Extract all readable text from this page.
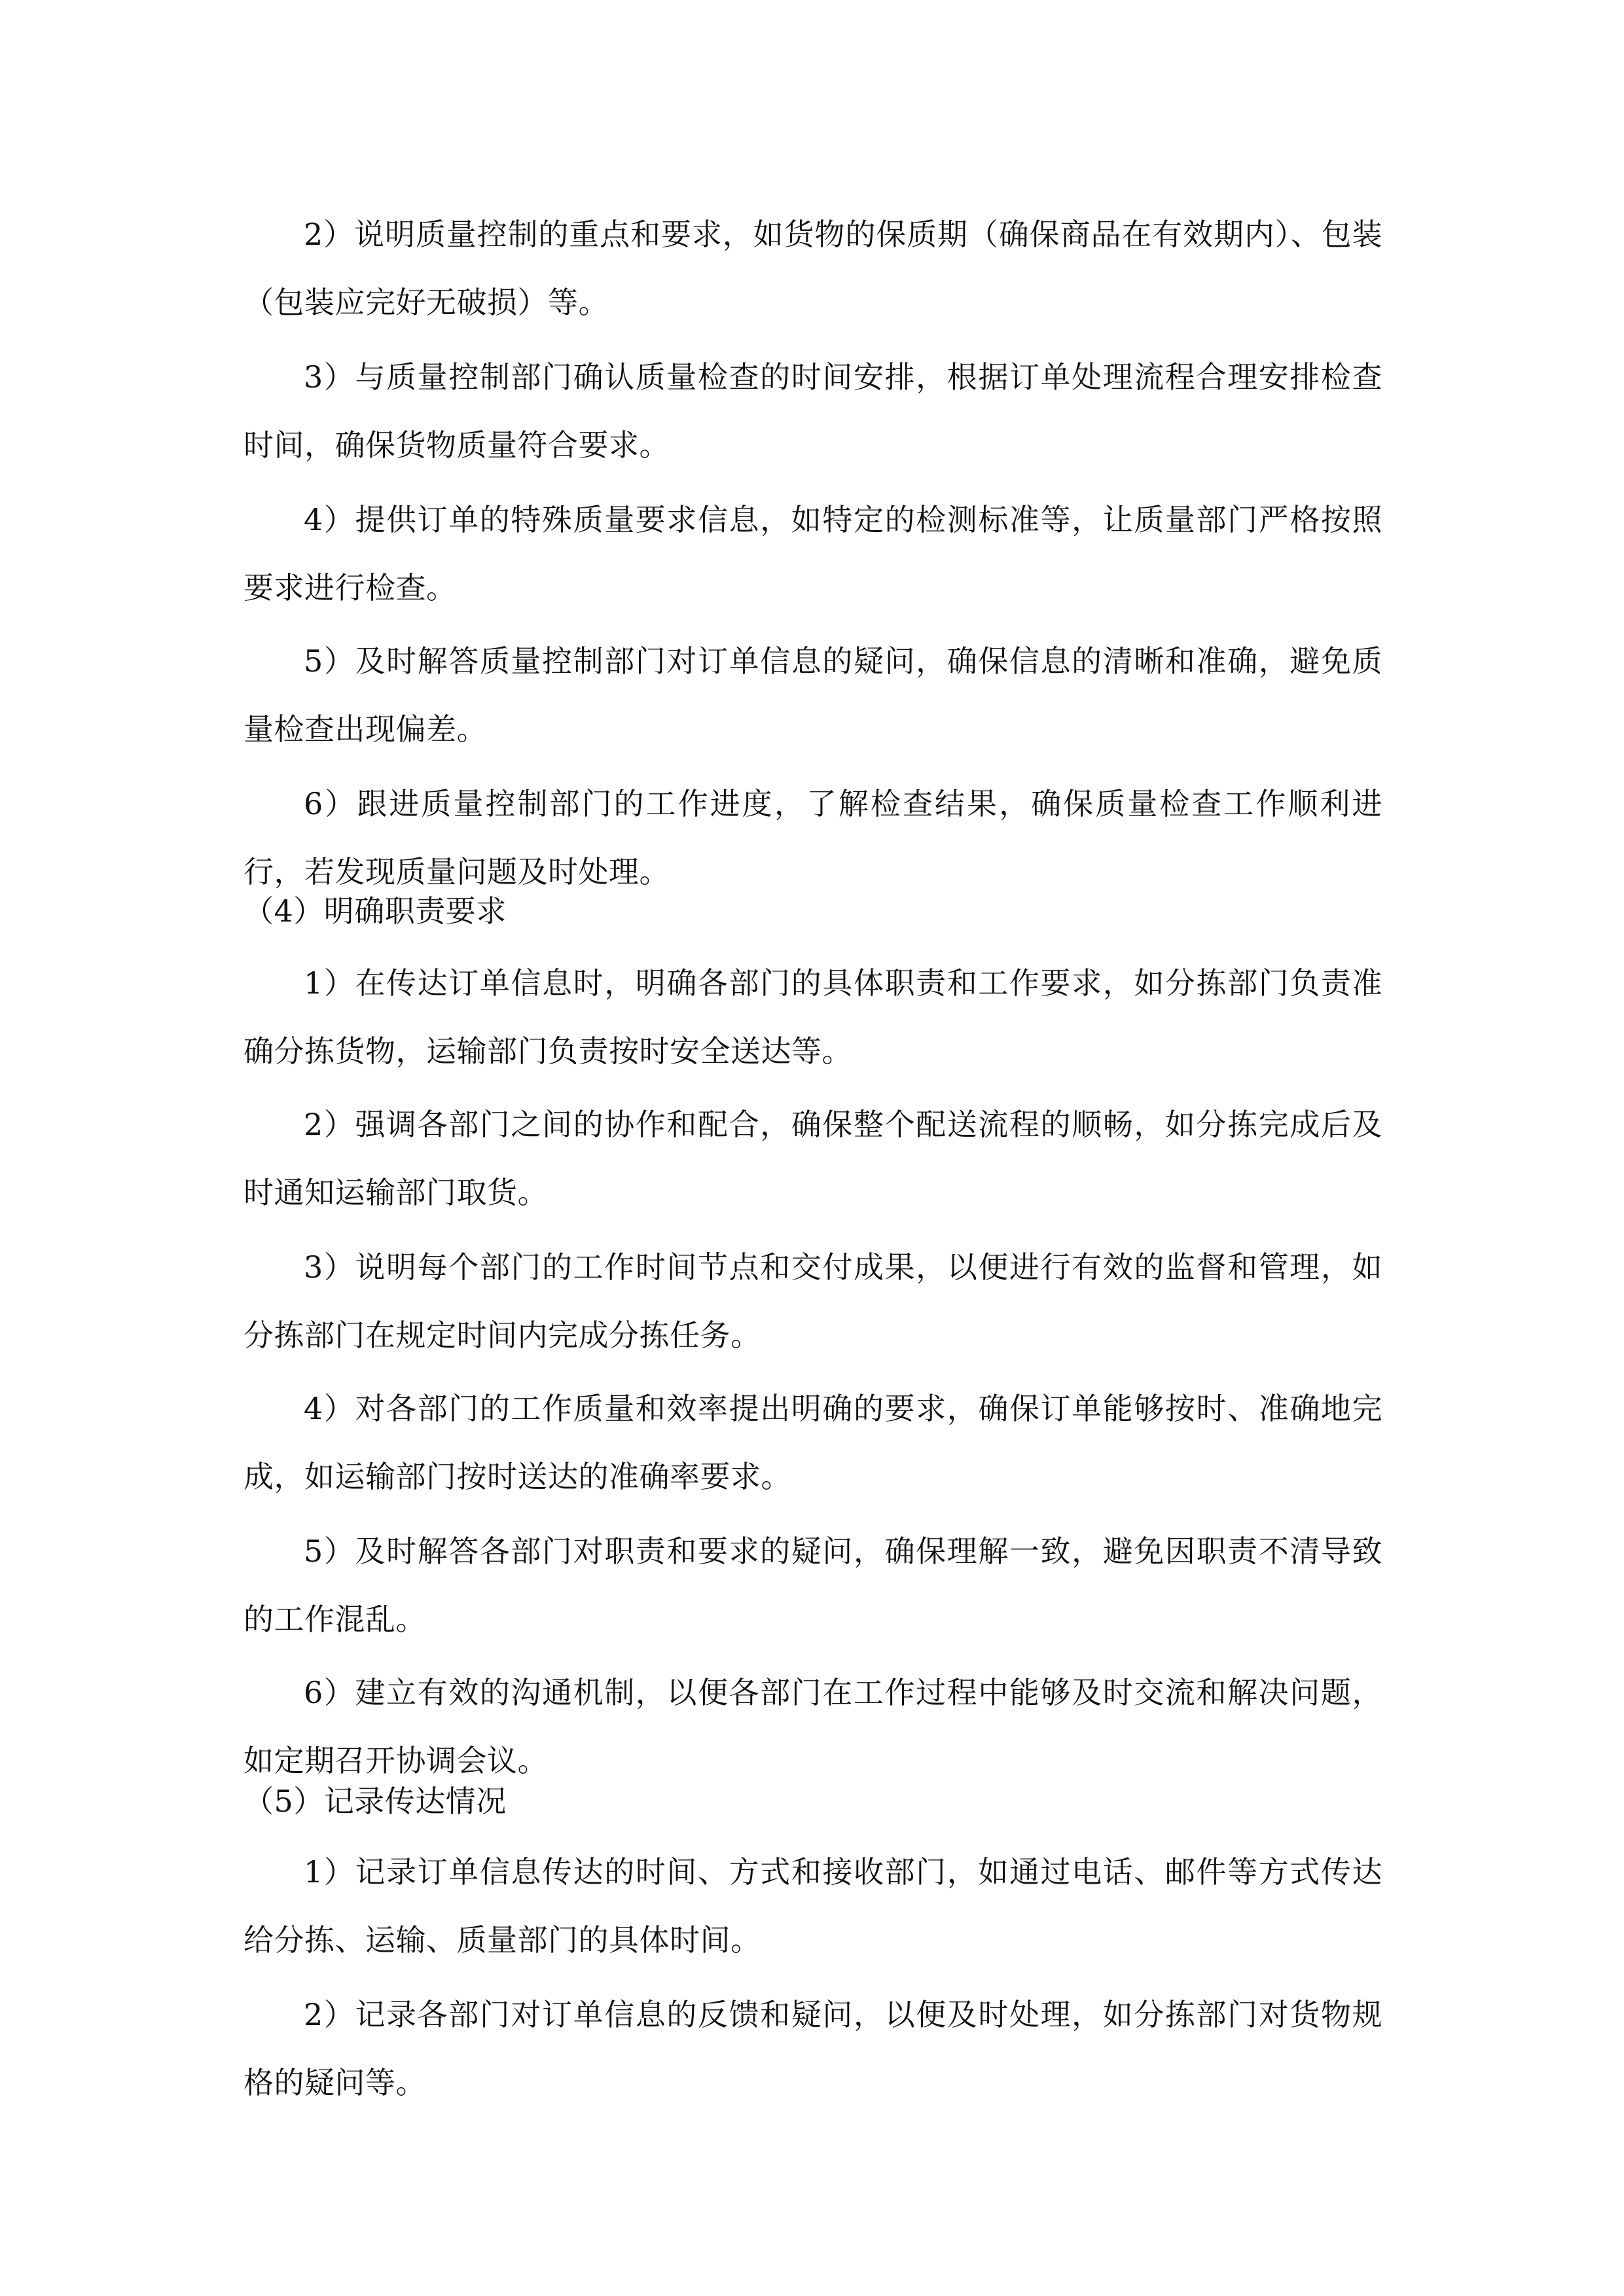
2）说明质量控制的重点和要求，如货物的保质期（确保商品在有效期内）、包装（包装应完好无破损）等。

3）与质量控制部门确认质量检查的时间安排，根据订单处理流程合理安排检查时间，确保货物质量符合要求。

4）提供订单的特殊质量要求信息，如特定的检测标准等，让质量部门严格按照要求进行检查。

5）及时解答质量控制部门对订单信息的疑问，确保信息的清晰和准确，避免质量检查出现偏差。

6）跟进质量控制部门的工作进度，了解检查结果，确保质量检查工作顺利进行，若发现质量问题及时处理。

（4）明确职责要求

1）在传达订单信息时，明确各部门的具体职责和工作要求，如分拣部门负责准确分拣货物，运输部门负责按时安全送达等。

2）强调各部门之间的协作和配合，确保整个配送流程的顺畅，如分拣完成后及时通知运输部门取货。

3）说明每个部门的工作时间节点和交付成果，以便进行有效的监督和管理，如分拣部门在规定时间内完成分拣任务。

4）对各部门的工作质量和效率提出明确的要求，确保订单能够按时、准确地完成，如运输部门按时送达的准确率要求。

5）及时解答各部门对职责和要求的疑问，确保理解一致，避免因职责不清导致的工作混乱。

6）建立有效的沟通机制，以便各部门在工作过程中能够及时交流和解决问题，如定期召开协调会议。

（5）记录传达情况

1）记录订单信息传达的时间、方式和接收部门，如通过电话、邮件等方式传达给分拣、运输、质量部门的具体时间。

2）记录各部门对订单信息的反馈和疑问，以便及时处理，如分拣部门对货物规格的疑问等。
